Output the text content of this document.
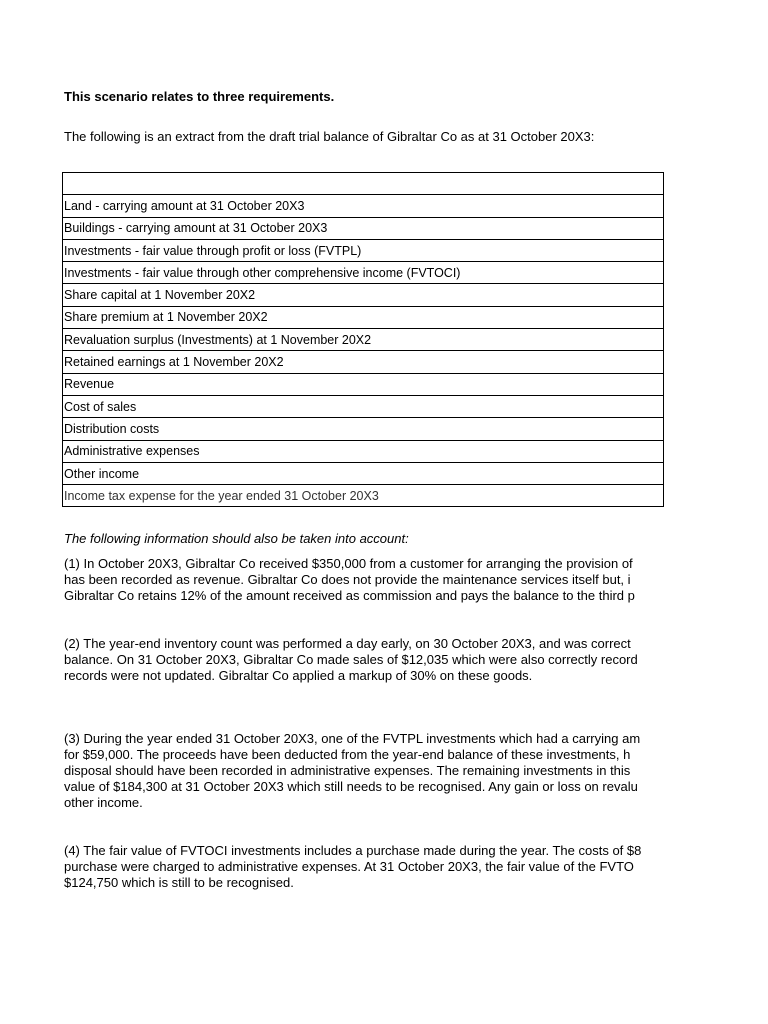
This scenario relates to three requirements.
The following is an extract from the draft trial balance of Gibraltar Co as at 31 October 20X3:

Land - carrying amount at 31 October 20X3
Buildings - carrying amount at 31 October 20X3
Investments - fair value through profit or loss (FVTPL)
Investments - fair value through other comprehensive income (FVTOCI)
Share capital at 1 November 20X2
Share premium at 1 November 20X2
Revaluation surplus (Investments) at 1 November 20X2
Retained earnings at 1 November 20X2
Revenue
Cost of sales
Distribution costs
Administrative expenses
Other income
Income tax expense for the year ended 31 October 20X3
The following information should also be taken into account:
(1) In October 20X3, Gibraltar Co received $350,000 from a customer for arranging the provision of
has been recorded as revenue. Gibraltar Co does not provide the maintenance services itself but, i
Gibraltar Co retains 12% of the amount received as commission and pays the balance to the third p
(2) The year-end inventory count was performed a day early, on 30 October 20X3, and was correct
balance. On 31 October 20X3, Gibraltar Co made sales of $12,035 which were also correctly record
records were not updated. Gibraltar Co applied a markup of 30% on these goods.
(3) During the year ended 31 October 20X3, one of the FVTPL investments which had a carrying am
for $59,000. The proceeds have been deducted from the year-end balance of these investments, h
disposal should have been recorded in administrative expenses. The remaining investments in this
value of $184,300 at 31 October 20X3 which still needs to be recognised. Any gain or loss on revalu
other income.
(4) The fair value of FVTOCI investments includes a purchase made during the year. The costs of $8
purchase were charged to administrative expenses. At 31 October 20X3, the fair value of the FVTO
$124,750 which is still to be recognised.
